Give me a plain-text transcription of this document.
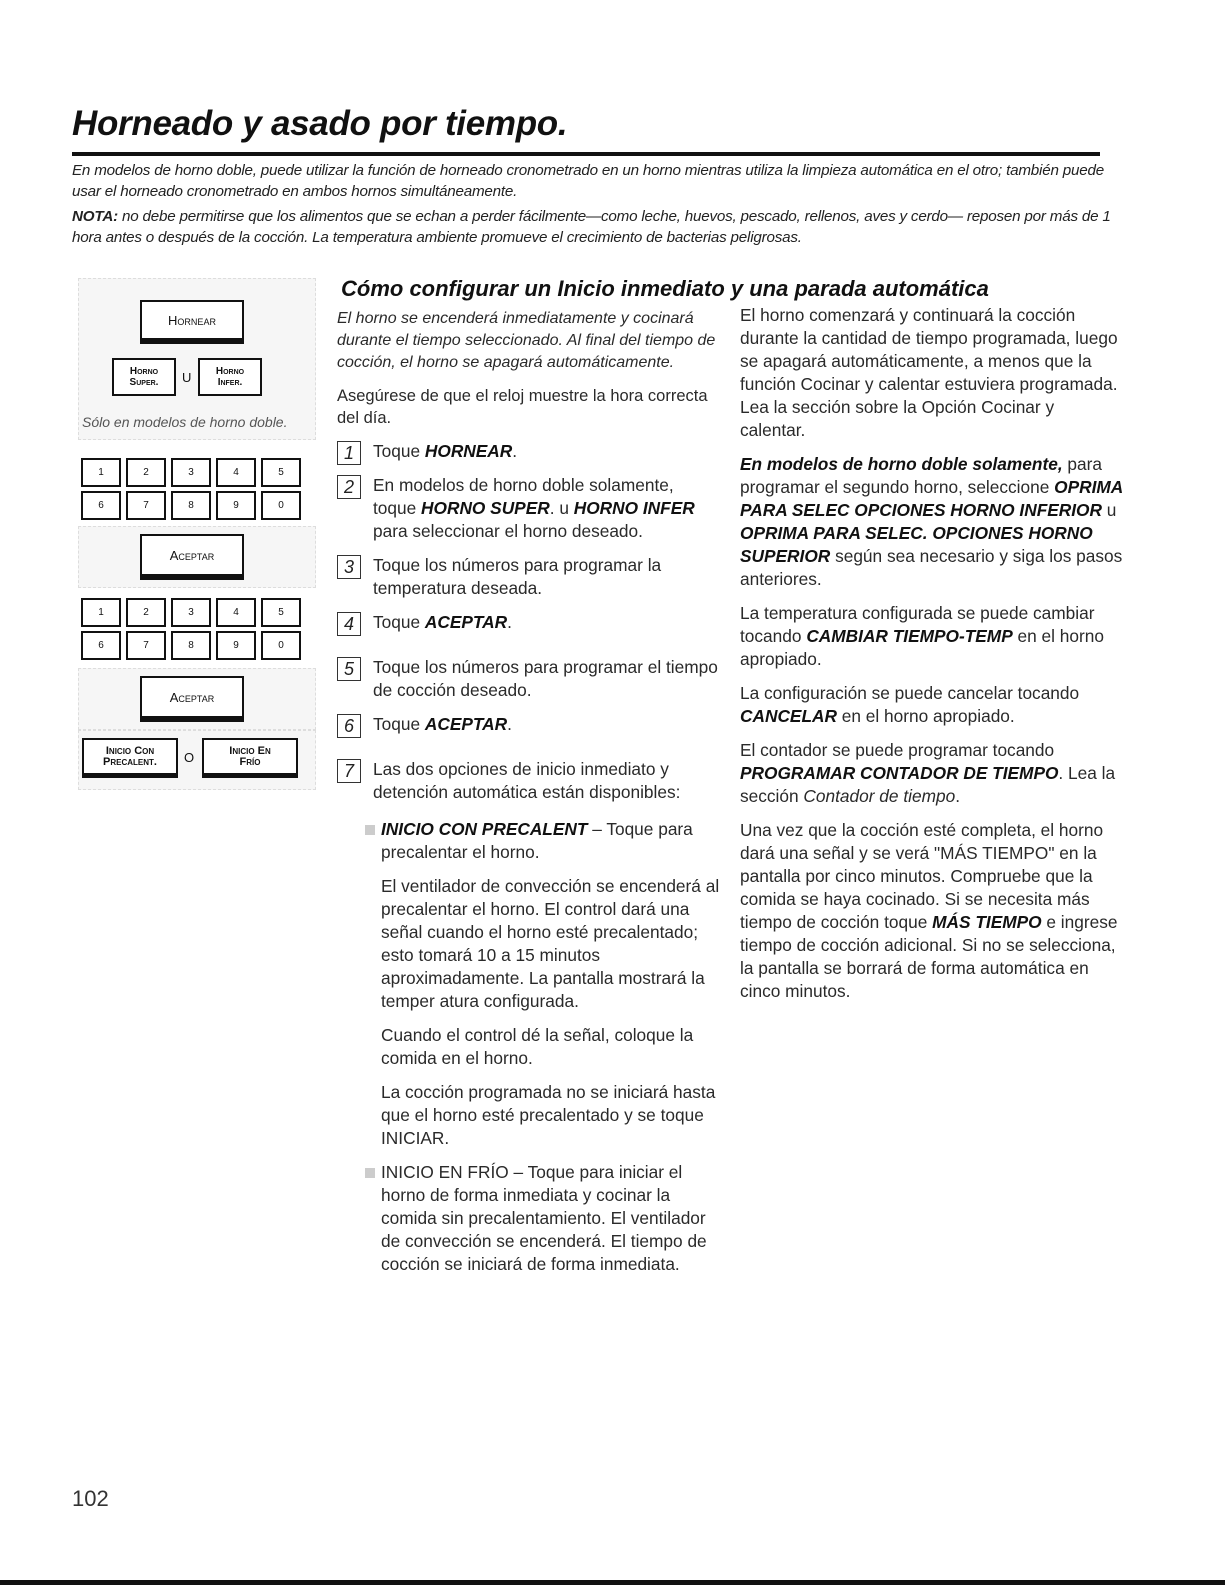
Horneado y asado por tiempo.
En modelos de horno doble, puede utilizar la función de horneado cronometrado en un horno mientras utiliza la limpieza automática en el otro; también puede usar el horneado cronometrado en ambos hornos simultáneamente.
NOTA: no debe permitirse que los alimentos que se echan a perder fácilmente—como leche, huevos, pescado, rellenos, aves y cerdo— reposen por más de 1 hora antes o después de la cocción. La temperatura ambiente promueve el crecimiento de bacterias peligrosas.
Cómo configurar un Inicio inmediato y una parada automática
Hornear
Horno
Super. U Horno
Infer.
Sólo en modelos de horno doble.
1	2	3	4	5
6	7	8	9	0
Aceptar
1	2	3	4	5
6	7	8	9	0
Aceptar
Inicio Con
Precalent. O	Inicio En
Frío

El horno se encenderá inmediatamente y cocinará durante el tiempo seleccionado. Al final del tiempo de cocción, el horno se apagará automáticamente.

Asegúrese de que el reloj muestre la hora correcta del día.

1	Toque HORNEAR.
2	En modelos de horno doble solamente, toque HORNO SUPER. u HORNO INFER para seleccionar el horno deseado.
3	Toque los números para programar la temperatura deseada.
4	Toque ACEPTAR.
5	Toque los números para programar el tiempo de cocción deseado.
6	Toque ACEPTAR.
7	Las dos opciones de inicio inmediato y detención automática están disponibles:
INICIO CON PRECALENT – Toque para precalentar el horno.

El ventilador de convección se encenderá al precalentar el horno. El control dará una señal cuando el horno esté precalentado; esto tomará 10 a 15 minutos aproximadamente. La pantalla mostrará la temper atura configurada.

Cuando el control dé la señal, coloque la comida en el horno.

La cocción programada no se iniciará hasta que el horno esté precalentado y se toque INICIAR.

INICIO EN FRÍO – Toque para iniciar el horno de forma inmediata y cocinar la comida sin precalentamiento. El ventilador de convección se encenderá. El tiempo de cocción se iniciará de forma inmediata.

El horno comenzará y continuará la cocción durante la cantidad de tiempo programada, luego se apagará automáticamente, a menos que la función Cocinar y calentar estuviera programada. Lea la sección sobre la Opción Cocinar y calentar.

En modelos de horno doble solamente, para programar el segundo horno, seleccione OPRIMA PARA SELEC OPCIONES HORNO INFERIOR u OPRIMA PARA SELEC. OPCIONES HORNO SUPERIOR según sea necesario y siga los pasos anteriores.

La temperatura configurada se puede cambiar tocando CAMBIAR TIEMPO-TEMP en el horno apropiado.

La configuración se puede cancelar tocando CANCELAR en el horno apropiado.

El contador se puede programar tocando PROGRAMAR CONTADOR DE TIEMPO. Lea la sección Contador de tiempo.

Una vez que la cocción esté completa, el horno dará una señal y se verá "MÁS TIEMPO" en la pantalla por cinco minutos. Compruebe que la comida se haya cocinado. Si se necesita más tiempo de cocción toque MÁS TIEMPO e ingrese tiempo de cocción adicional. Si no se selecciona, la pantalla se borrará de forma automática en cinco minutos.

102
